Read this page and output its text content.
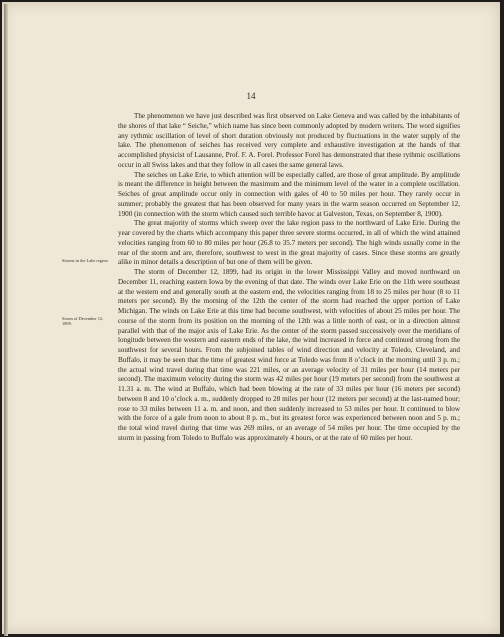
14
Storms in the Lake region.
Storm of December 12, 1899.

The phenomenon we have just described was first observed on Lake Geneva and was called by the inhabitants of the shores of that lake “ Seiche,” which name has since been commonly adopted by modern writers. The word signifies any rythmic oscillation of level of short duration obviously not produced by fluctuations in the water supply of the lake. The phenomenon of seiches has received very complete and exhaustive investigation at the hands of that accomplished physicist of Lausanne, Prof. F. A. Forel. Professor Forel has demonstrated that these rythmic oscillations occur in all Swiss lakes and that they follow in all cases the same general laws.

The seiches on Lake Erie, to which attention will be especially called, are those of great amplitude. By amplitude is meant the difference in height between the maximum and the minimum level of the water in a complete oscillation. Seiches of great amplitude occur only in connection with gales of 40 to 50 miles per hour. They rarely occur in summer; probably the greatest that has been observed for many years in the warm season occurred on September 12, 1900 (in connection with the storm which caused such terrible havoc at Galveston, Texas, on September 8, 1900).

The great majority of storms which sweep over the lake region pass to the northward of Lake Erie. During the year covered by the charts which accompany this paper three severe storms occurred, in all of which the wind attained velocities ranging from 60 to 80 miles per hour (26.8 to 35.7 meters per second). The high winds usually come in the rear of the storm and are, therefore, southwest to west in the great majority of cases. Since these storms are greatly alike in minor details a description of but one of them will be given.

The storm of December 12, 1899, had its origin in the lower Mississippi Valley and moved northward on December 11, reaching eastern Iowa by the evening of that date. The winds over Lake Erie on the 11th were southeast at the western end and generally south at the eastern end, the velocities ranging from 18 to 25 miles per hour (8 to 11 meters per second). By the morning of the 12th the center of the storm had reached the upper portion of Lake Michigan. The winds on Lake Erie at this time had become southwest, with velocities of about 25 miles per hour. The course of the storm from its position on the morning of the 12th was a little north of east, or in a direction almost parallel with that of the major axis of Lake Erie. As the center of the storm passed successively over the meridians of longitude between the western and eastern ends of the lake, the wind increased in force and continued strong from the southwest for several hours. From the subjoined tables of wind direction and velocity at Toledo, Cleveland, and Buffalo, it may be seen that the time of greatest wind force at Toledo was from 8 o’clock in the morning until 3 p. m.; the actual wind travel during that time was 221 miles, or an average velocity of 31 miles per hour (14 meters per second). The maximum velocity during the storm was 42 miles per hour (19 meters per second) from the southwest at 11.31 a. m. The wind at Buffalo, which had been blowing at the rate of 33 miles per hour (16 meters per second) between 8 and 10 o’clock a. m., suddenly dropped to 28 miles per hour (12 meters per second) at the last-named hour; rose to 33 miles between 11 a. m. and noon, and then suddenly increased to 53 miles per hour. It continued to blow with the force of a gale from noon to about 8 p. m., but its greatest force was experienced between noon and 5 p. m.; the total wind travel during that time was 269 miles, or an average of 54 miles per hour. The time occupied by the storm in passing from Toledo to Buffalo was approximately 4 hours, or at the rate of 60 miles per hour.
